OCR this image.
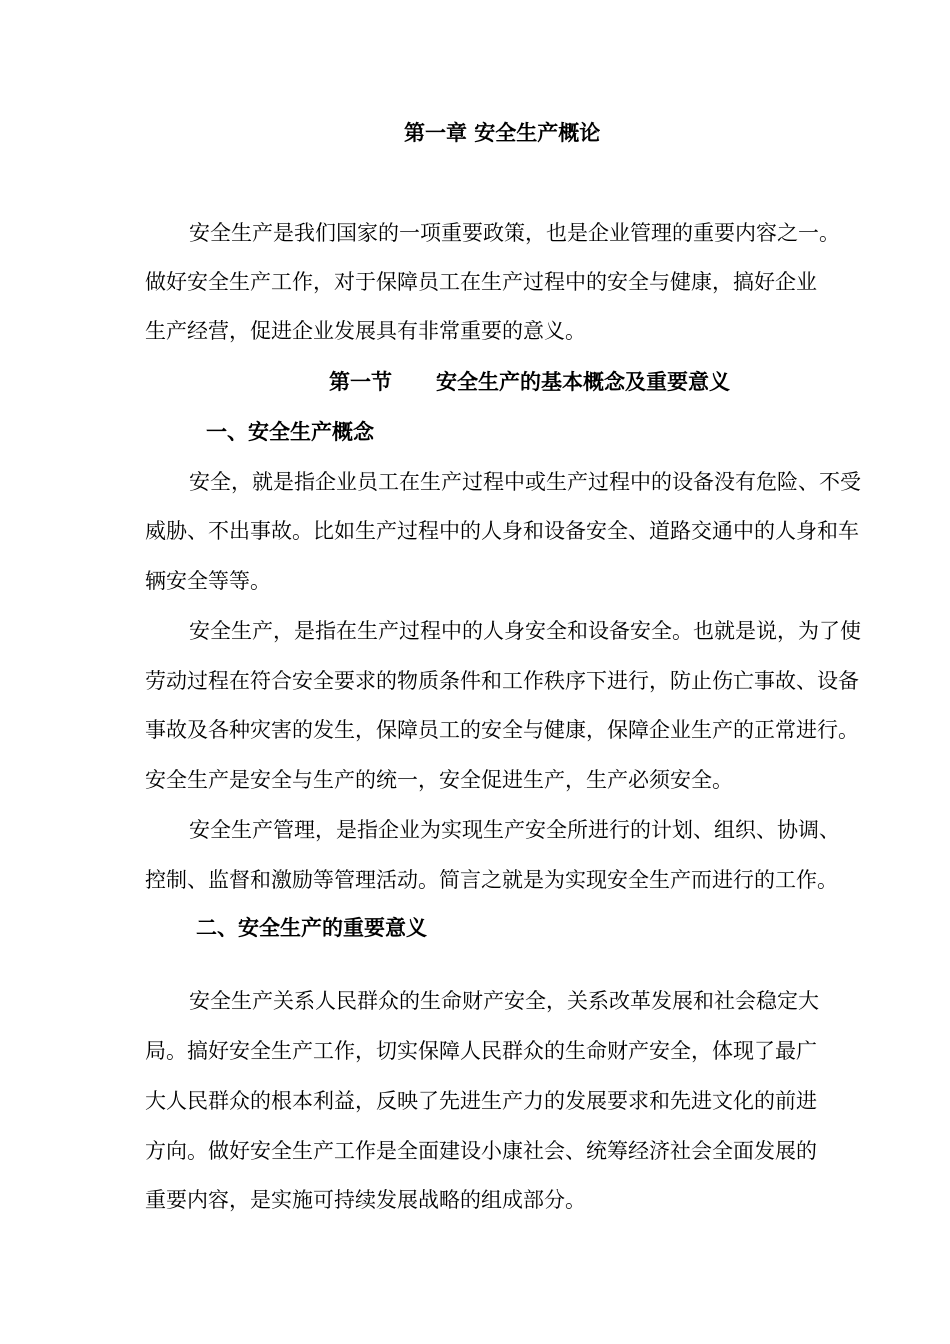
第一章 安全生产概论
安全生产是我们国家的一项重要政策，也是企业管理的重要内容之一。
做好安全生产工作，对于保障员工在生产过程中的安全与健康，搞好企业
生产经营，促进企业发展具有非常重要的意义。
第一节 安全生产的基本概念及重要意义
一、安全生产概念
安全，就是指企业员工在生产过程中或生产过程中的设备没有危险、不受
威胁、不出事故。比如生产过程中的人身和设备安全、道路交通中的人身和车
辆安全等等。
安全生产，是指在生产过程中的人身安全和设备安全。也就是说，为了使
劳动过程在符合安全要求的物质条件和工作秩序下进行，防止伤亡事故、设备
事故及各种灾害的发生，保障员工的安全与健康，保障企业生产的正常进行。
安全生产是安全与生产的统一，安全促进生产，生产必须安全。
安全生产管理，是指企业为实现生产安全所进行的计划、组织、协调、
控制、监督和激励等管理活动。简言之就是为实现安全生产而进行的工作。
二、安全生产的重要意义
安全生产关系人民群众的生命财产安全，关系改革发展和社会稳定大
局。搞好安全生产工作，切实保障人民群众的生命财产安全，体现了最广
大人民群众的根本利益，反映了先进生产力的发展要求和先进文化的前进
方向。做好安全生产工作是全面建设小康社会、统筹经济社会全面发展的
重要内容，是实施可持续发展战略的组成部分。
